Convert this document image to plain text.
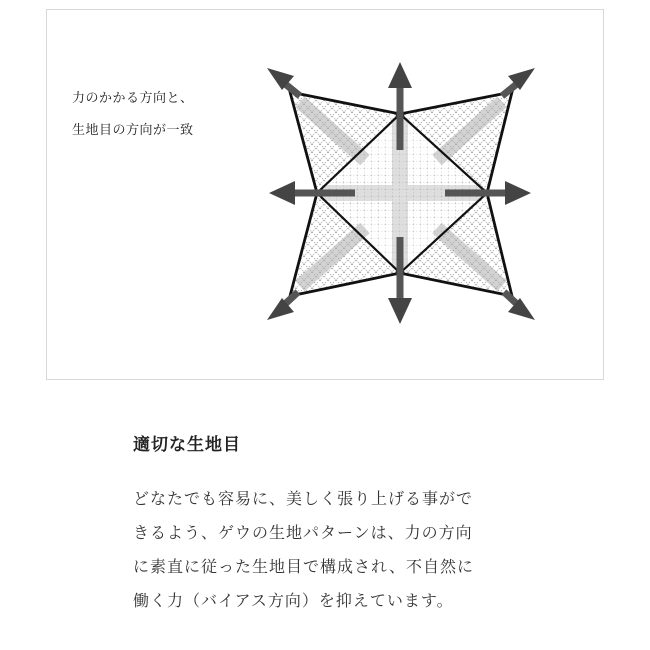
力のかかる方向と、
生地目の方向が一致

適切な生地目

どなたでも容易に、美しく張り上げる事がで
きるよう、ゲウの生地パターンは、力の方向
に素直に従った生地目で構成され、不自然に
働く力（バイアス方向）を抑えています。
